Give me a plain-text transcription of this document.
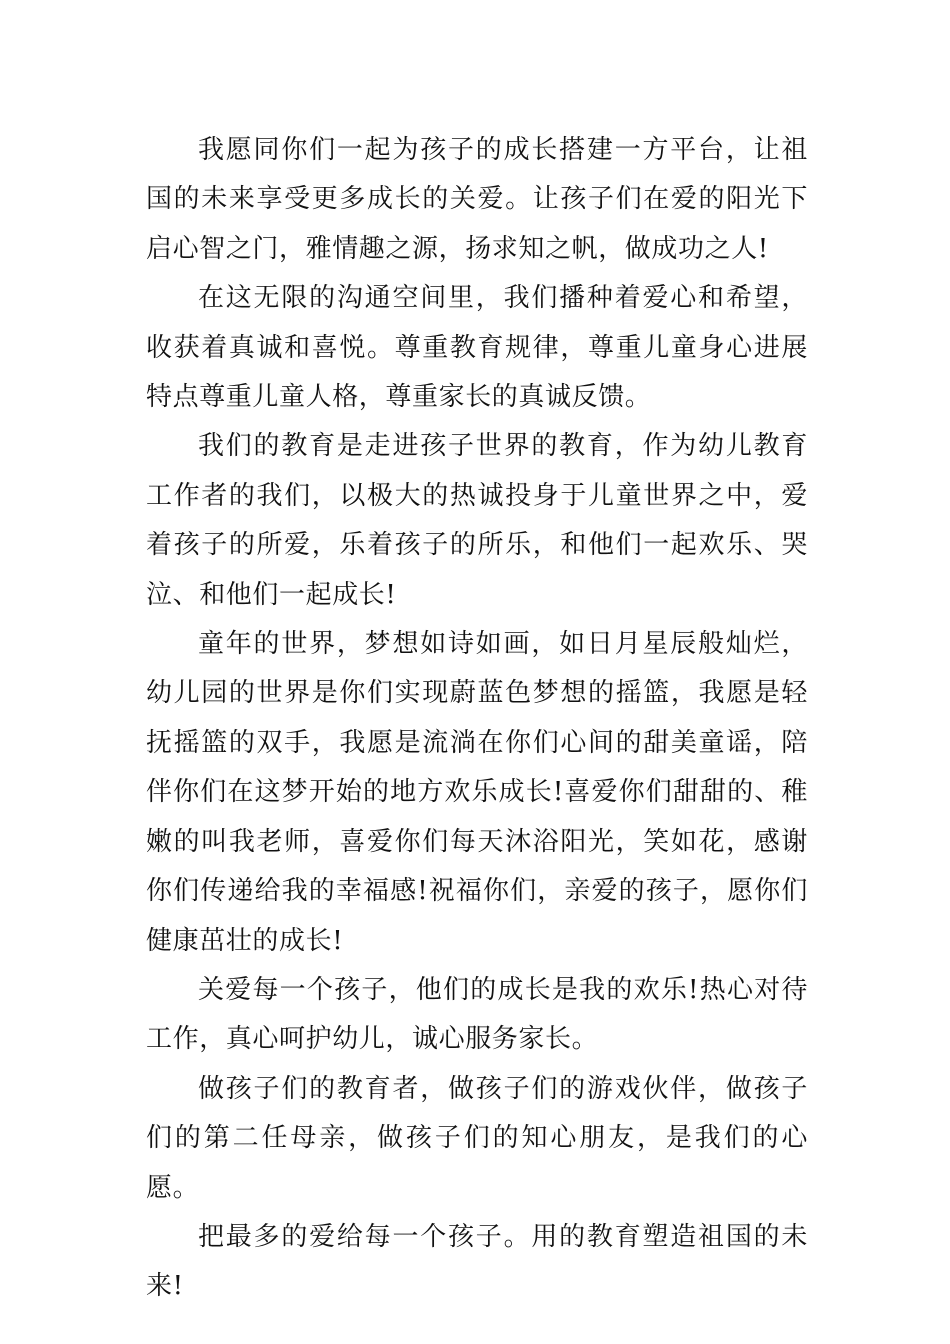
我愿同你们一起为孩子的成长搭建一方平台，让祖国的未来享受更多成长的关爱。让孩子们在爱的阳光下启心智之门，雅情趣之源，扬求知之帆，做成功之人!

在这无限的沟通空间里，我们播种着爱心和希望，收获着真诚和喜悦。尊重教育规律，尊重儿童身心进展特点尊重儿童人格，尊重家长的真诚反馈。

我们的教育是走进孩子世界的教育，作为幼儿教育工作者的我们，以极大的热诚投身于儿童世界之中，爱着孩子的所爱，乐着孩子的所乐，和他们一起欢乐、哭泣、和他们一起成长!

童年的世界，梦想如诗如画，如日月星辰般灿烂，幼儿园的世界是你们实现蔚蓝色梦想的摇篮，我愿是轻抚摇篮的双手，我愿是流淌在你们心间的甜美童谣，陪伴你们在这梦开始的地方欢乐成长!喜爱你们甜甜的、稚嫩的叫我老师，喜爱你们每天沐浴阳光，笑如花，感谢你们传递给我的幸福感!祝福你们，亲爱的孩子，愿你们健康茁壮的成长!

关爱每一个孩子，他们的成长是我的欢乐!热心对待工作，真心呵护幼儿，诚心服务家长。

做孩子们的教育者，做孩子们的游戏伙伴，做孩子们的第二任母亲，做孩子们的知心朋友，是我们的心愿。

把最多的爱给每一个孩子。用的教育塑造祖国的未来!
